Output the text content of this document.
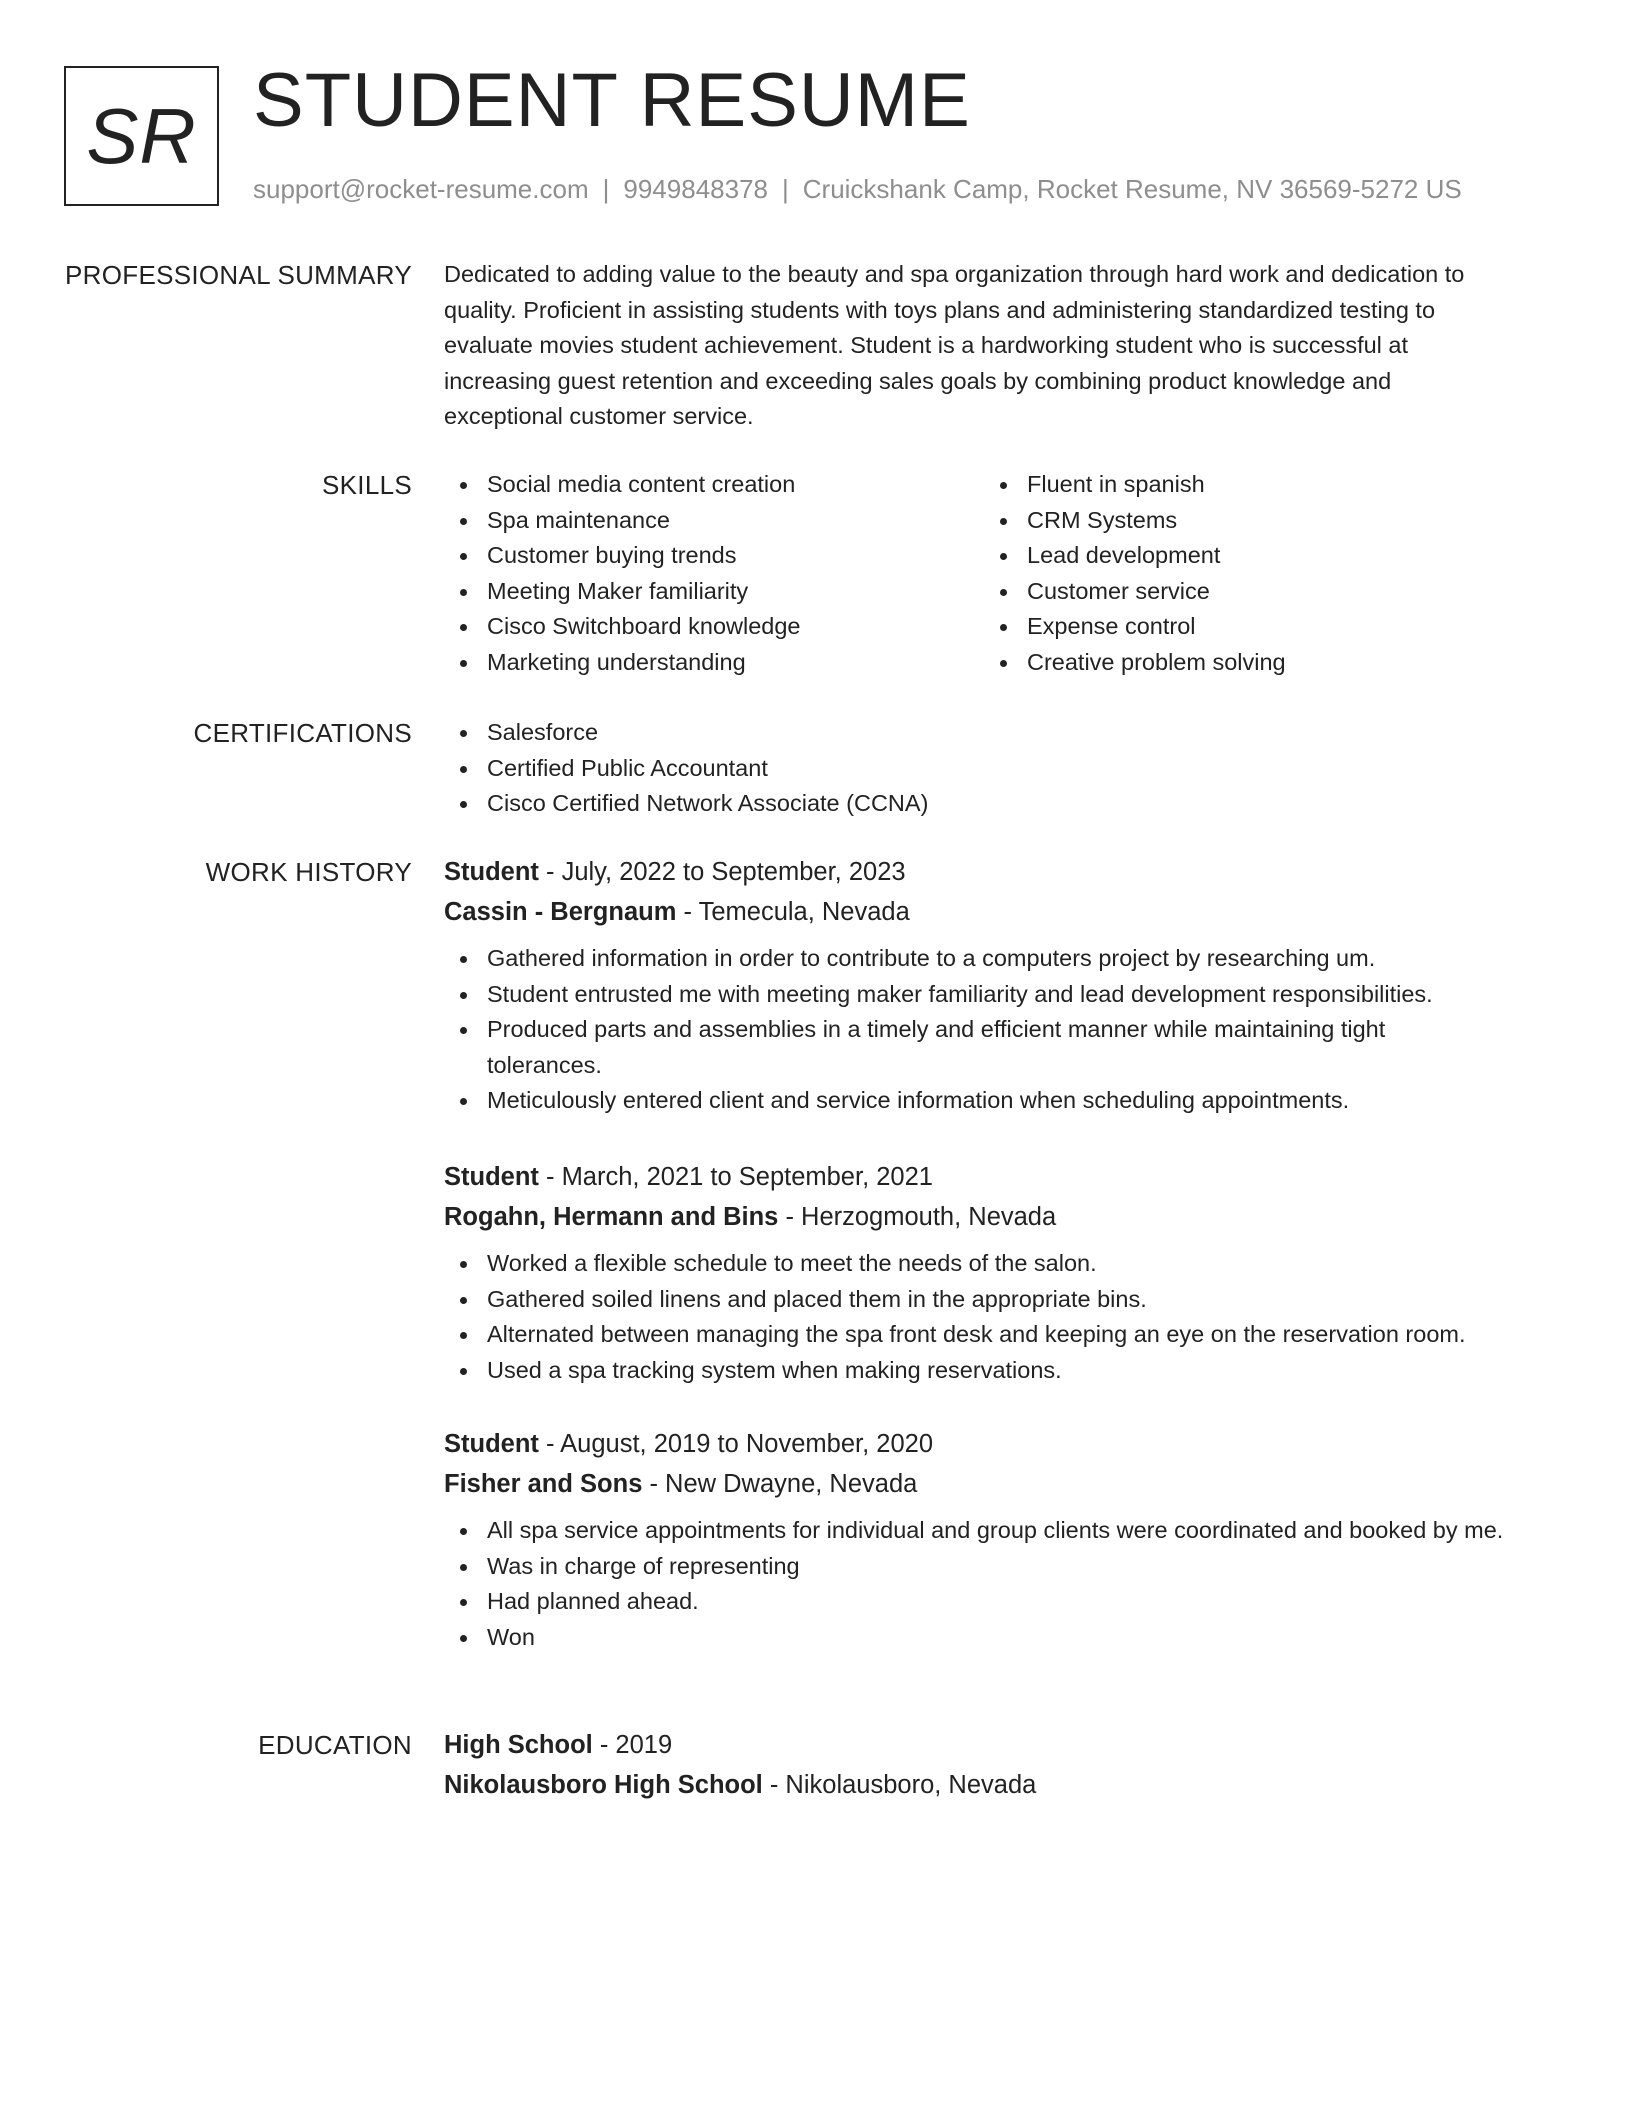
SR STUDENT RESUME
support@rocket-resume.com | 9949848378 | Cruickshank Camp, Rocket Resume, NV 36569-5272 US
PROFESSIONAL SUMMARY Dedicated to adding value to the beauty and spa organization through hard work and dedication to
quality. Proficient in assisting students with toys plans and administering standardized testing to
evaluate movies student achievement. Student is a hardworking student who is successful at
increasing guest retention and exceeding sales goals by combining product knowledge and
exceptional customer service.
SKILLS	Social media content creation
Spa maintenance
Customer buying trends
Meeting Maker familiarity
Cisco Switchboard knowledge
Marketing understanding
Fluent in spanish
CRM Systems
Lead development
Customer service
Expense control
Creative problem solving
CERTIFICATIONS	Salesforce
Certified Public Accountant
Cisco Certified Network Associate (CCNA)
WORK HISTORY Student - July, 2022 to September, 2023
Cassin - Bergnaum - Temecula, Nevada
Gathered information in order to contribute to a computers project by researching um.
Student entrusted me with meeting maker familiarity and lead development responsibilities.
Produced parts and assemblies in a timely and efficient manner while maintaining tight tolerances.
Meticulously entered client and service information when scheduling appointments.
Student - March, 2021 to September, 2021
Rogahn, Hermann and Bins - Herzogmouth, Nevada
Worked a flexible schedule to meet the needs of the salon.
Gathered soiled linens and placed them in the appropriate bins.
Alternated between managing the spa front desk and keeping an eye on the reservation room.
Used a spa tracking system when making reservations.
Student - August, 2019 to November, 2020
Fisher and Sons - New Dwayne, Nevada
All spa service appointments for individual and group clients were coordinated and booked by me.
Was in charge of representing
Had planned ahead.
Won
EDUCATION High School - 2019
Nikolausboro High School - Nikolausboro, Nevada
